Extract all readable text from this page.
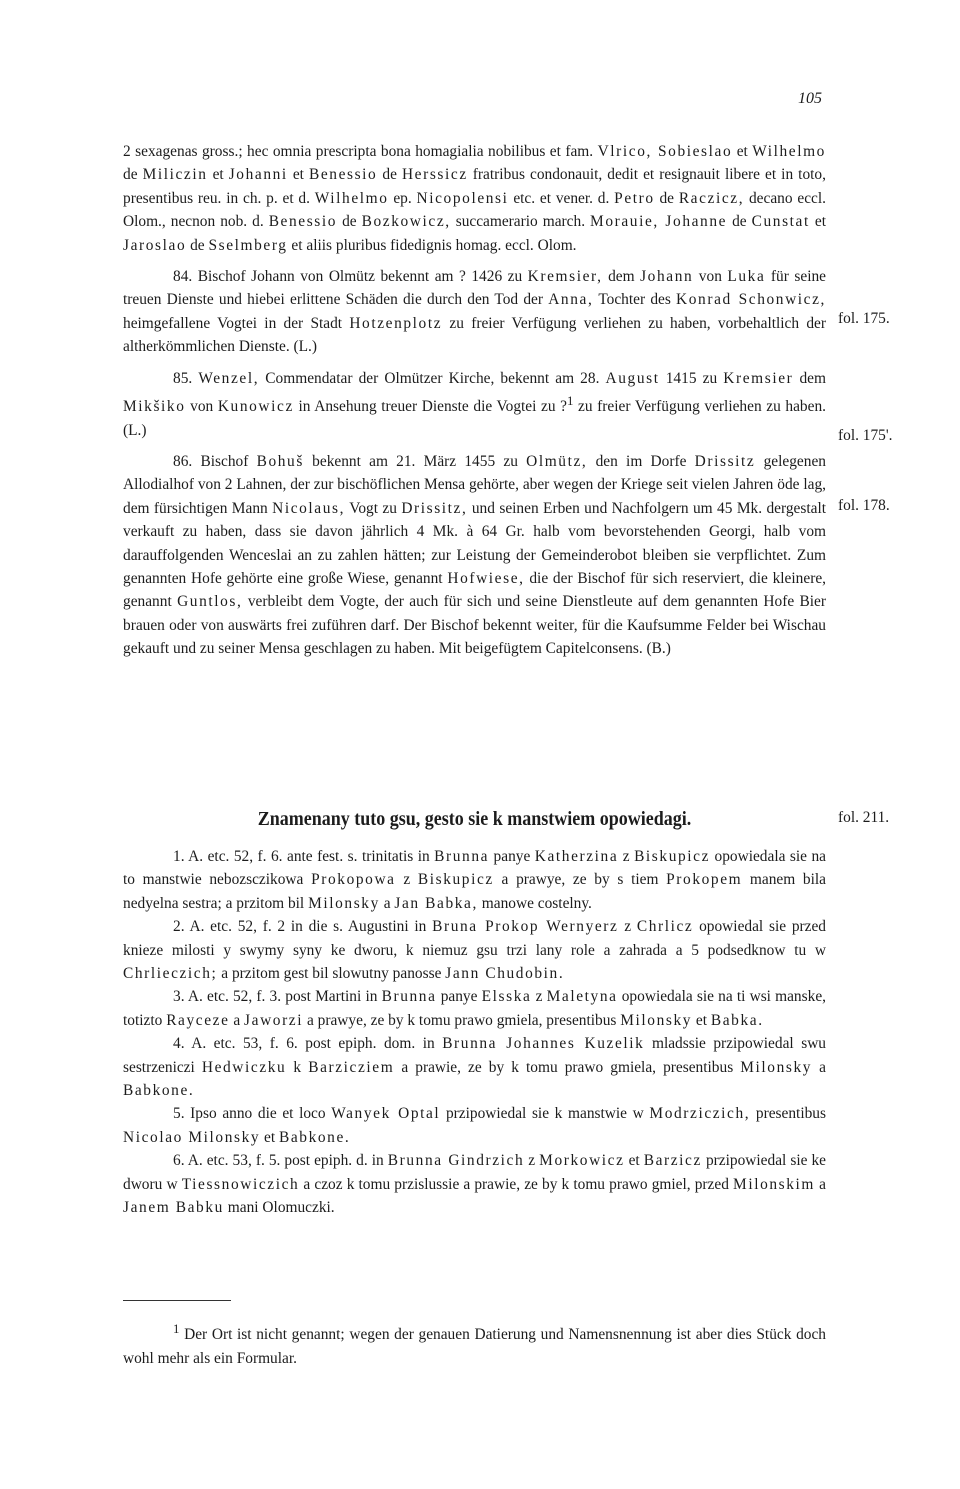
105

2 sexagenas gross.; hec omnia prescripta bona homagialia nobilibus et fam. Vlrico, Sobieslao et Wilhelmo de Miliczin et Johanni et Benessio de Herssicz fratribus condonauit, dedit et resignauit libere et in toto, presentibus reu. in ch. p. et d. Wilhelmo ep. Nicopolensi etc. et vener. d. Petro de Raczicz, decano eccl. Olom., necnon nob. d. Benessio de Bozkowicz, succamerario march. Morauie, Johanne de Cunstat et Jaroslao de Sselmberg et aliis pluribus fidedignis homag. eccl. Olom.

84. Bischof Johann von Olmütz bekennt am ? 1426 zu Kremsier, dem Johann von Luka für seine treuen Dienste und hiebei erlittene Schäden die durch den Tod der Anna, Tochter des Konrad Schonwicz, heimgefallene Vogtei in der Stadt Hotzenplotz zu freier Verfügung verliehen zu haben, vorbehaltlich der altherkömmlichen Dienste. (L.)

85. Wenzel, Commendatar der Olmützer Kirche, bekennt am 28. August 1415 zu Kremsier dem Mikšiko von Kunowicz in Ansehung treuer Dienste die Vogtei zu ?$^1$ zu freier Verfügung verliehen zu haben. (L.)

86. Bischof Bohuš bekennt am 21. März 1455 zu Olmütz, den im Dorfe Drissitz gelegenen Allodialhof von 2 Lahnen, der zur bischöflichen Mensa gehörte, aber wegen der Kriege seit vielen Jahren öde lag, dem fürsichtigen Mann Nicolaus, Vogt zu Drissitz, und seinen Erben und Nachfolgern um 45 Mk. dergestalt verkauft zu haben, dass sie davon jährlich 4 Mk. à 64 Gr. halb vom bevorstehenden Georgi, halb vom darauffolgenden Wenceslai an zu zahlen hätten; zur Leistung der Gemeinderobot bleiben sie verpflichtet. Zum genannten Hofe gehörte eine große Wiese, genannt Hofwiese, die der Bischof für sich reserviert, die kleinere, genannt Guntlos, verbleibt dem Vogte, der auch für sich und seine Dienstleute auf dem genannten Hofe Bier brauen oder von auswärts frei zuführen darf. Der Bischof bekennt weiter, für die Kaufsumme Felder bei Wischau gekauft und zu seiner Mensa geschlagen zu haben. Mit beigefügtem Capitelconsens. (B.)

fol. 175.
fol. 175'.
fol. 178.
Znamenany tuto gsu, gesto sie k manstwiem opowiedagi.	fol. 211.

1. A. etc. 52, f. 6. ante fest. s. trinitatis in Brunna panye Katherzina z Biskupicz opowiedala sie na to manstwie nebozsczikowa Prokopowa z Biskupicz a prawye, ze by s tiem Prokopem manem bila nedyelna sestra; a przitom bil Milonsky a Jan Babka, manowe costelny.

2. A. etc. 52, f. 2 in die s. Augustini in Bruna Prokop Wernyerz z Chrlicz opowiedal sie przed knieze milosti y swymy syny ke dworu, k niemuz gsu trzi lany role a zahrada a 5 podsedknow tu w Chrlieczich; a przitom gest bil slowutny panosse Jann Chudobin.

3. A. etc. 52, f. 3. post Martini in Brunna panye Elsska z Maletyna opowiedala sie na ti wsi manske, totizto Rayceze a Jaworzi a prawye, ze by k tomu prawo gmiela, presentibus Milonsky et Babka.

4. A. etc. 53, f. 6. post epiph. dom. in Brunna Johannes Kuzelik mladssie przipowiedal swu sestrzeniczi Hedwiczku k Barzicziem a prawie, ze by k tomu prawo gmiela, presentibus Milonsky a Babkone.

5. Ipso anno die et loco Wanyek Optal przipowiedal sie k manstwie w Modrziczich, presentibus Nicolao Milonsky et Babkone.

6. A. etc. 53, f. 5. post epiph. d. in Brunna Gindrzich z Morkowicz et Barzicz przipowiedal sie ke dworu w Tiessnowiczich a czoz k tomu przislussie a prawie, ze by k tomu prawo gmiel, przed Milonskim a Janem Babku mani Olomuczki.

$^1$ Der Ort ist nicht genannt; wegen der genauen Datierung und Namensnennung ist aber dies Stück doch wohl mehr als ein Formular.
